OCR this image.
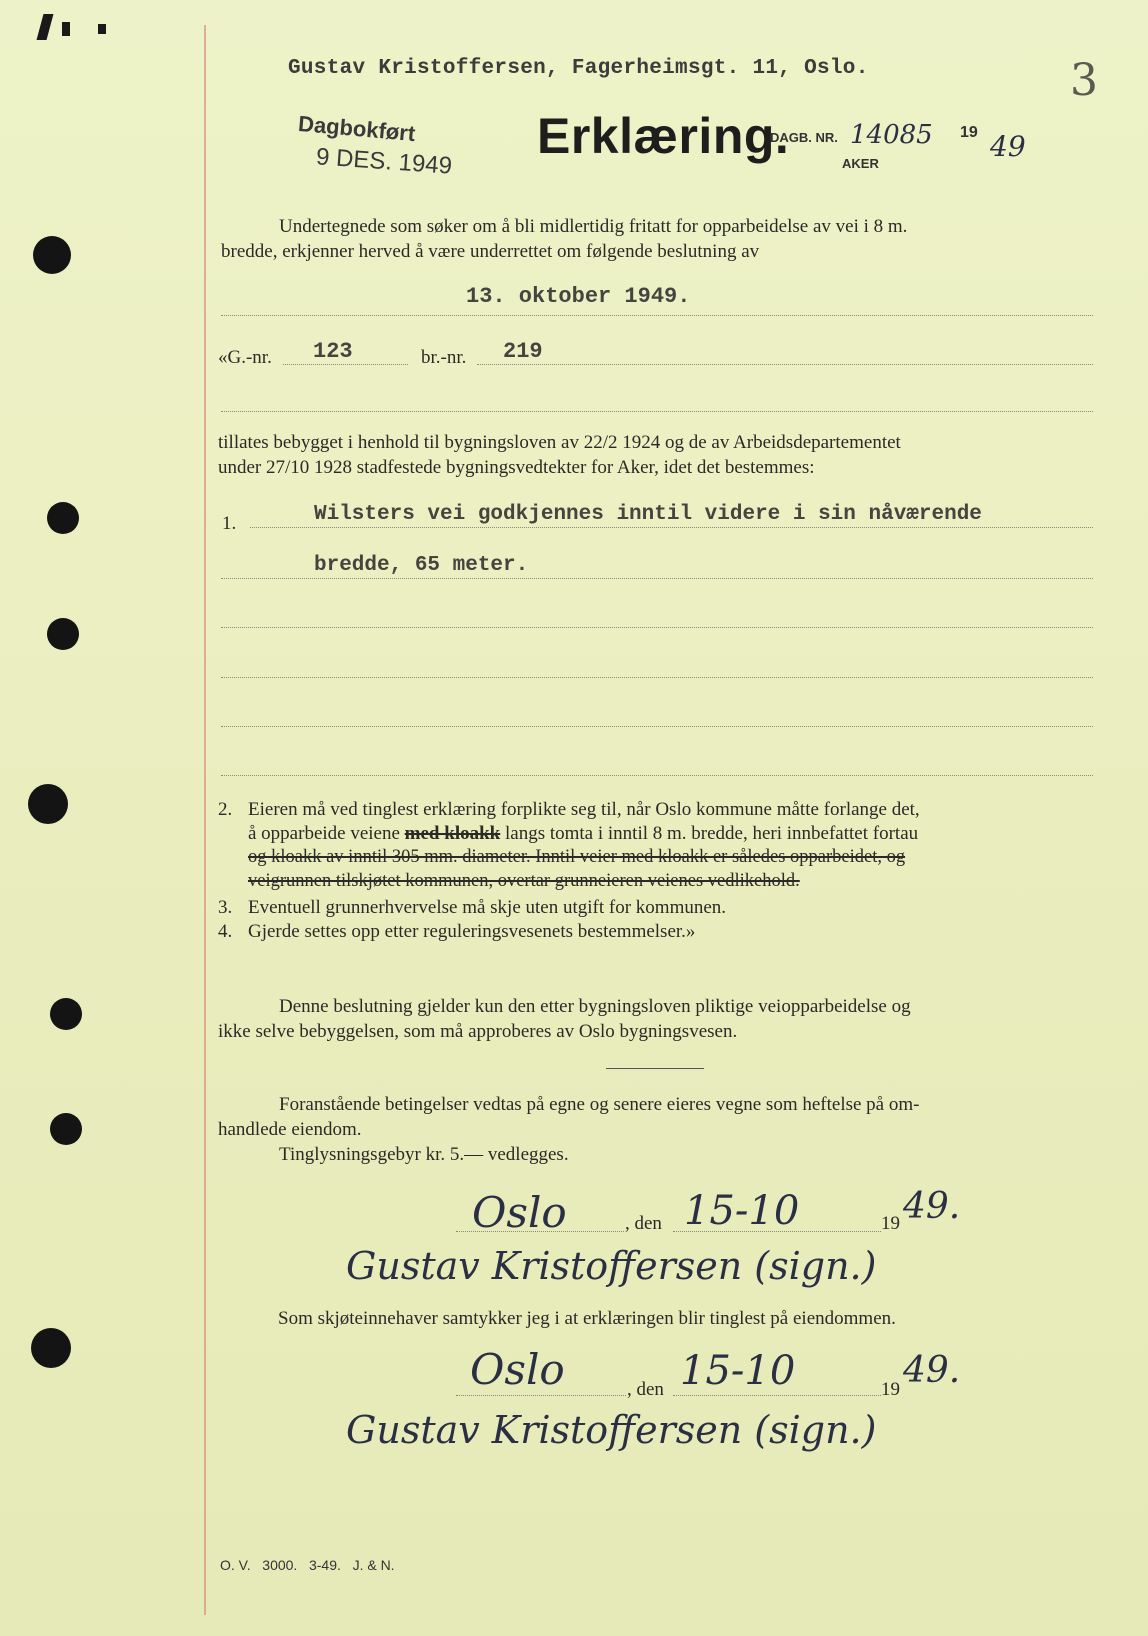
Gustav Kristoffersen, Fagerheimsgt. 11, Oslo.	3
Dagbokført
9 DES. 1949 Erklæring.
DAGB. NR. 14085 19 49
AKER
Undertegnede som søker om å bli midlertidig fritatt for opparbeidelse av vei i 8 m.
bredde, erkjenner herved å være underrettet om følgende beslutning av
13. oktober 1949.
«G.-nr. 123	br.-nr. 219
tillates bebygget i henhold til bygningsloven av 22/2 1924 og de av Arbeidsdepartementet
under 27/10 1928 stadfestede bygningsvedtekter for Aker, idet det bestemmes:
1.	Wilsters vei godkjennes inntil videre i sin nåværende
bredde, 65 meter.
2. Eieren må ved tinglest erklæring forplikte seg til, når Oslo kommune måtte forlange det,
å opparbeide veiene med kloakk langs tomta i inntil 8 m. bredde, heri innbefattet fortau
og kloakk av inntil 305 mm. diameter. Inntil veier med kloakk er således opparbeidet, og
veigrunnen tilskjøtet kommunen, overtar grunneieren veienes vedlikehold.
3. Eventuell grunnerhvervelse må skje uten utgift for kommunen.
4. Gjerde settes opp etter reguleringsvesenets bestemmelser.»
Denne beslutning gjelder kun den etter bygningsloven pliktige veiopparbeidelse og
ikke selve bebyggelsen, som må approberes av Oslo bygningsvesen.
Foranstående betingelser vedtas på egne og senere eieres vegne som heftelse på om-
handlede eiendom.
Tinglysningsgebyr kr. 5.— vedlegges.
Oslo	, den 15-10	19 49.
Gustav Kristoffersen (sign.)
Som skjøteinnehaver samtykker jeg i at erklæringen blir tinglest på eiendommen.
Oslo	, den 15-10	19 49.
Gustav Kristoffersen (sign.)
O. V.   3000.   3-49.   J. & N.
